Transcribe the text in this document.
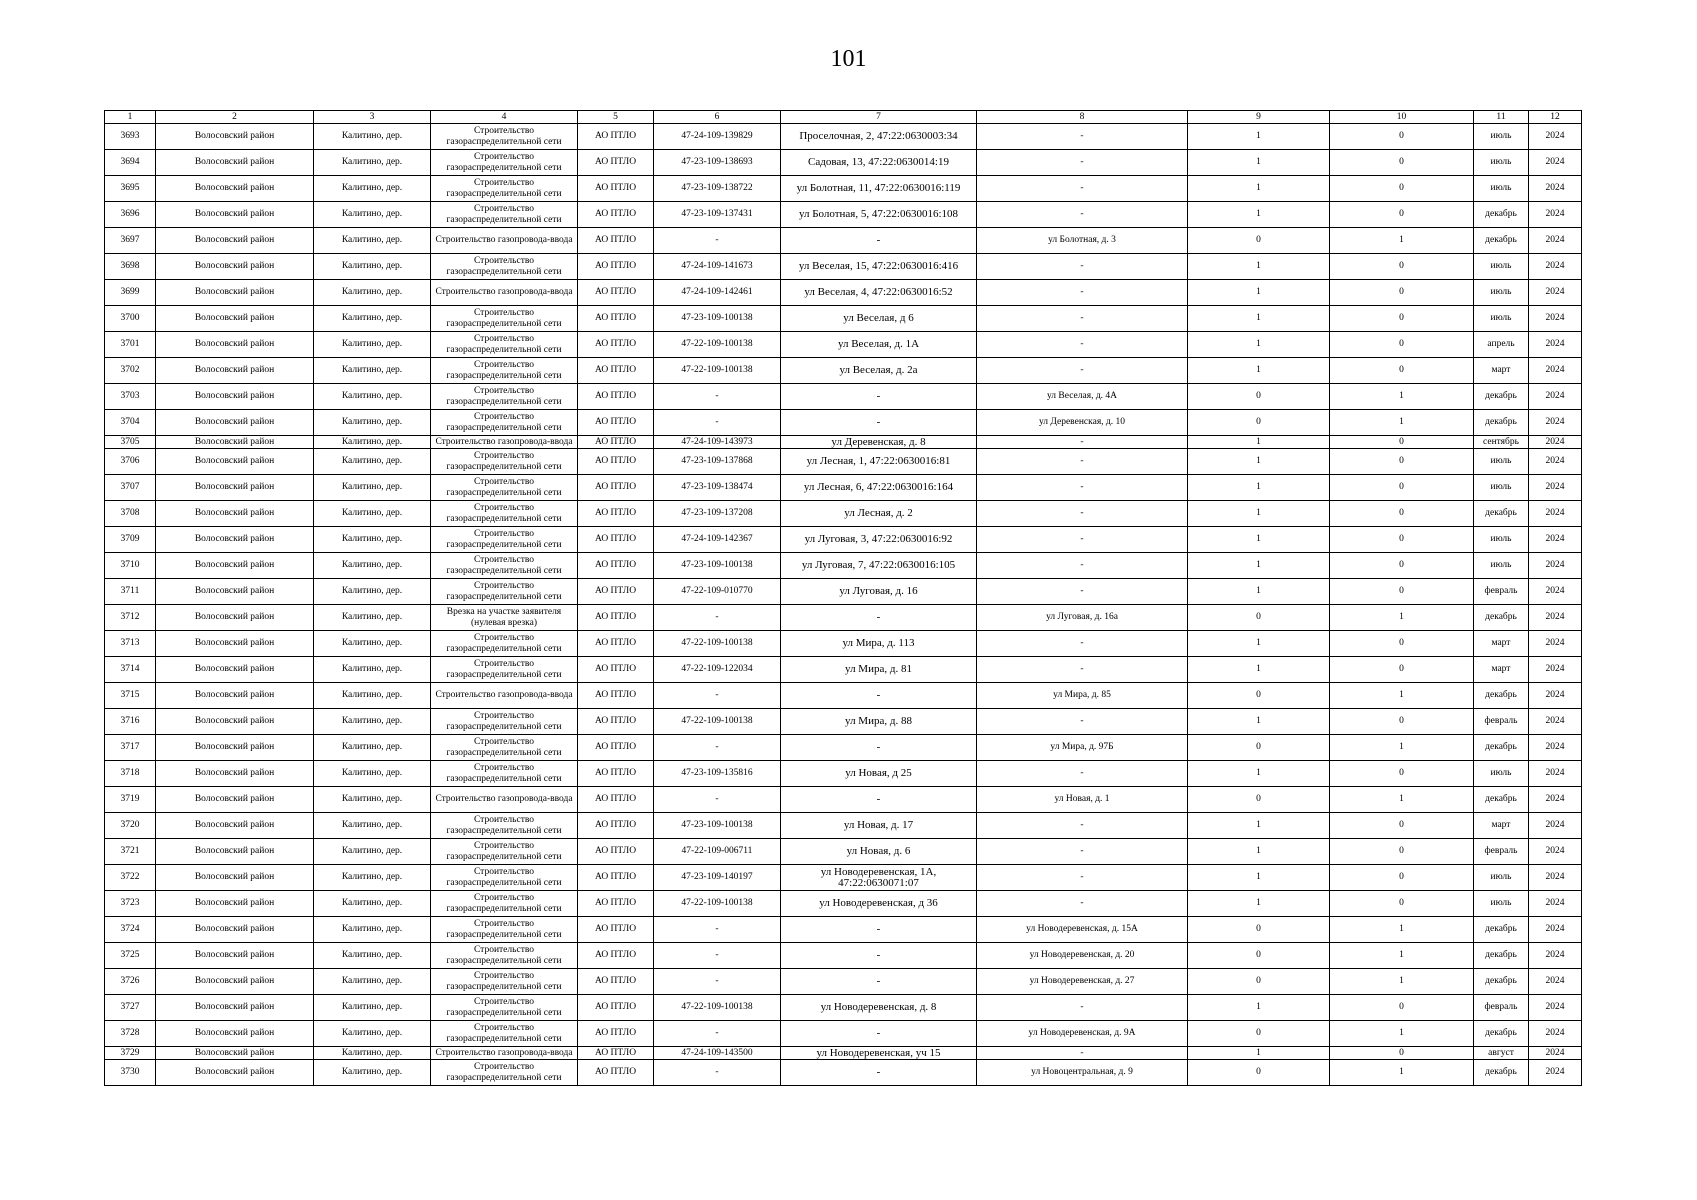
101
1	2	3	4	5	6	7	8	9	10	11	12
3693	Волосовский район	Калитино, дер.	Строительство газораспределительной сети	АО ПТЛО	47-24-109-139829	Проселочная, 2, 47:22:0630003:34	-	1	0	июль	2024
3694	Волосовский район	Калитино, дер.	Строительство газораспределительной сети	АО ПТЛО	47-23-109-138693	Садовая, 13, 47:22:0630014:19	-	1	0	июль	2024
3695	Волосовский район	Калитино, дер.	Строительство газораспределительной сети	АО ПТЛО	47-23-109-138722	ул Болотная, 11, 47:22:0630016:119	-	1	0	июль	2024
3696	Волосовский район	Калитино, дер.	Строительство газораспределительной сети	АО ПТЛО	47-23-109-137431	ул Болотная, 5, 47:22:0630016:108	-	1	0	декабрь	2024
3697	Волосовский район	Калитино, дер.	Строительство газопровода-ввода	АО ПТЛО	-	-	ул Болотная, д. 3	0	1	декабрь	2024
3698	Волосовский район	Калитино, дер.	Строительство газораспределительной сети	АО ПТЛО	47-24-109-141673	ул Веселая, 15, 47:22:0630016:416	-	1	0	июль	2024
3699	Волосовский район	Калитино, дер.	Строительство газопровода-ввода	АО ПТЛО	47-24-109-142461	ул Веселая, 4, 47:22:0630016:52	-	1	0	июль	2024
3700	Волосовский район	Калитино, дер.	Строительство газораспределительной сети	АО ПТЛО	47-23-109-100138	ул Веселая, д 6	-	1	0	июль	2024
3701	Волосовский район	Калитино, дер.	Строительство газораспределительной сети	АО ПТЛО	47-22-109-100138	ул Веселая, д. 1А	-	1	0	апрель	2024
3702	Волосовский район	Калитино, дер.	Строительство газораспределительной сети	АО ПТЛО	47-22-109-100138	ул Веселая, д. 2а	-	1	0	март	2024
3703	Волосовский район	Калитино, дер.	Строительство газораспределительной сети	АО ПТЛО	-	-	ул Веселая, д. 4А	0	1	декабрь	2024
3704	Волосовский район	Калитино, дер.	Строительство газораспределительной сети	АО ПТЛО	-	-	ул Деревенская, д. 10	0	1	декабрь	2024
3705	Волосовский район	Калитино, дер.	Строительство газопровода-ввода	АО ПТЛО	47-24-109-143973	ул Деревенская, д. 8	-	1	0	сентябрь	2024
3706	Волосовский район	Калитино, дер.	Строительство газораспределительной сети	АО ПТЛО	47-23-109-137868	ул Лесная, 1, 47:22:0630016:81	-	1	0	июль	2024
3707	Волосовский район	Калитино, дер.	Строительство газораспределительной сети	АО ПТЛО	47-23-109-138474	ул Лесная, 6, 47:22:0630016:164	-	1	0	июль	2024
3708	Волосовский район	Калитино, дер.	Строительство газораспределительной сети	АО ПТЛО	47-23-109-137208	ул Лесная, д. 2	-	1	0	декабрь	2024
3709	Волосовский район	Калитино, дер.	Строительство газораспределительной сети	АО ПТЛО	47-24-109-142367	ул Луговая, 3, 47:22:0630016:92	-	1	0	июль	2024
3710	Волосовский район	Калитино, дер.	Строительство газораспределительной сети	АО ПТЛО	47-23-109-100138	ул Луговая, 7, 47:22:0630016:105	-	1	0	июль	2024
3711	Волосовский район	Калитино, дер.	Строительство газораспределительной сети	АО ПТЛО	47-22-109-010770	ул Луговая, д. 16	-	1	0	февраль	2024
3712	Волосовский район	Калитино, дер.	Врезка на участке заявителя (нулевая врезка)	АО ПТЛО	-	-	ул Луговая, д. 16а	0	1	декабрь	2024
3713	Волосовский район	Калитино, дер.	Строительство газораспределительной сети	АО ПТЛО	47-22-109-100138	ул Мира, д. 113	-	1	0	март	2024
3714	Волосовский район	Калитино, дер.	Строительство газораспределительной сети	АО ПТЛО	47-22-109-122034	ул Мира, д. 81	-	1	0	март	2024
3715	Волосовский район	Калитино, дер.	Строительство газопровода-ввода	АО ПТЛО	-	-	ул Мира, д. 85	0	1	декабрь	2024
3716	Волосовский район	Калитино, дер.	Строительство газораспределительной сети	АО ПТЛО	47-22-109-100138	ул Мира, д. 88	-	1	0	февраль	2024
3717	Волосовский район	Калитино, дер.	Строительство газораспределительной сети	АО ПТЛО	-	-	ул Мира, д. 97Б	0	1	декабрь	2024
3718	Волосовский район	Калитино, дер.	Строительство газораспределительной сети	АО ПТЛО	47-23-109-135816	ул Новая, д 25	-	1	0	июль	2024
3719	Волосовский район	Калитино, дер.	Строительство газопровода-ввода	АО ПТЛО	-	-	ул Новая, д. 1	0	1	декабрь	2024
3720	Волосовский район	Калитино, дер.	Строительство газораспределительной сети	АО ПТЛО	47-23-109-100138	ул Новая, д. 17	-	1	0	март	2024
3721	Волосовский район	Калитино, дер.	Строительство газораспределительной сети	АО ПТЛО	47-22-109-006711	ул Новая, д. 6	-	1	0	февраль	2024
3722	Волосовский район	Калитино, дер.	Строительство газораспределительной сети	АО ПТЛО	47-23-109-140197	ул Новодеревенская, 1А, 47:22:0630071:07	-	1	0	июль	2024
3723	Волосовский район	Калитино, дер.	Строительство газораспределительной сети	АО ПТЛО	47-22-109-100138	ул Новодеревенская, д 36	-	1	0	июль	2024
3724	Волосовский район	Калитино, дер.	Строительство газораспределительной сети	АО ПТЛО	-	-	ул Новодеревенская, д. 15А	0	1	декабрь	2024
3725	Волосовский район	Калитино, дер.	Строительство газораспределительной сети	АО ПТЛО	-	-	ул Новодеревенская, д. 20	0	1	декабрь	2024
3726	Волосовский район	Калитино, дер.	Строительство газораспределительной сети	АО ПТЛО	-	-	ул Новодеревенская, д. 27	0	1	декабрь	2024
3727	Волосовский район	Калитино, дер.	Строительство газораспределительной сети	АО ПТЛО	47-22-109-100138	ул Новодеревенская, д. 8	-	1	0	февраль	2024
3728	Волосовский район	Калитино, дер.	Строительство газораспределительной сети	АО ПТЛО	-	-	ул Новодеревенская, д. 9А	0	1	декабрь	2024
3729	Волосовский район	Калитино, дер.	Строительство газопровода-ввода	АО ПТЛО	47-24-109-143500	ул Новодеревенская, уч 15	-	1	0	август	2024
3730	Волосовский район	Калитино, дер.	Строительство газораспределительной сети	АО ПТЛО	-	-	ул Новоцентральная, д. 9	0	1	декабрь	2024
